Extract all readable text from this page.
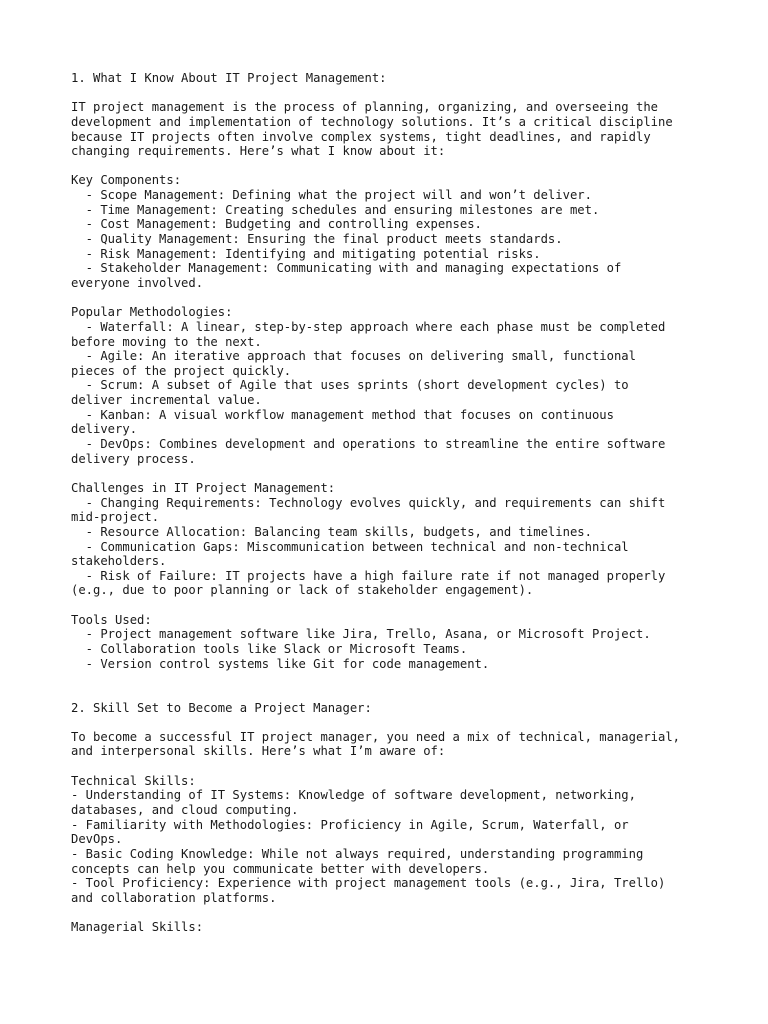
1. What I Know About IT Project Management:
IT project management is the process of planning, organizing, and overseeing the
development and implementation of technology solutions. It’s a critical discipline
because IT projects often involve complex systems, tight deadlines, and rapidly
changing requirements. Here’s what I know about it:
Key Components:
- Scope Management: Defining what the project will and won’t deliver.
- Time Management: Creating schedules and ensuring milestones are met.
- Cost Management: Budgeting and controlling expenses.
- Quality Management: Ensuring the final product meets standards.
- Risk Management: Identifying and mitigating potential risks.
- Stakeholder Management: Communicating with and managing expectations of
everyone involved.
Popular Methodologies:
- Waterfall: A linear, step-by-step approach where each phase must be completed
before moving to the next.
- Agile: An iterative approach that focuses on delivering small, functional
pieces of the project quickly.
- Scrum: A subset of Agile that uses sprints (short development cycles) to
deliver incremental value.
- Kanban: A visual workflow management method that focuses on continuous
delivery.
- DevOps: Combines development and operations to streamline the entire software
delivery process.
Challenges in IT Project Management:
- Changing Requirements: Technology evolves quickly, and requirements can shift
mid-project.
- Resource Allocation: Balancing team skills, budgets, and timelines.
- Communication Gaps: Miscommunication between technical and non-technical
stakeholders.
- Risk of Failure: IT projects have a high failure rate if not managed properly
(e.g., due to poor planning or lack of stakeholder engagement).
Tools Used:
- Project management software like Jira, Trello, Asana, or Microsoft Project.
- Collaboration tools like Slack or Microsoft Teams.
- Version control systems like Git for code management.
2. Skill Set to Become a Project Manager:
To become a successful IT project manager, you need a mix of technical, managerial,
and interpersonal skills. Here’s what I’m aware of:
Technical Skills:
- Understanding of IT Systems: Knowledge of software development, networking,
databases, and cloud computing.
- Familiarity with Methodologies: Proficiency in Agile, Scrum, Waterfall, or
DevOps.
- Basic Coding Knowledge: While not always required, understanding programming
concepts can help you communicate better with developers.
- Tool Proficiency: Experience with project management tools (e.g., Jira, Trello)
and collaboration platforms.
Managerial Skills:
